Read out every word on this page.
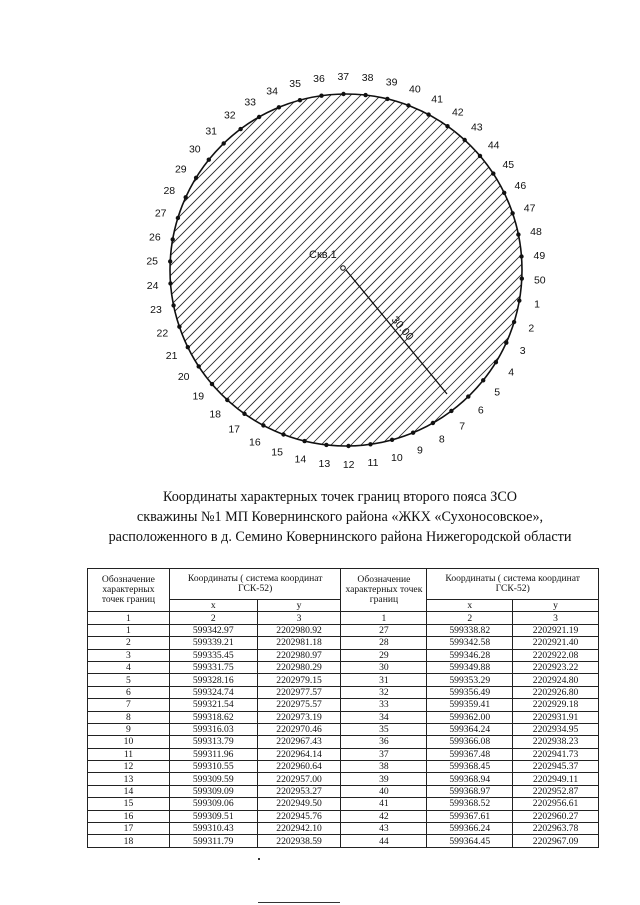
Скв.1
30.00
1
2
3
4
5
6
7
8
9
10
11
12
13
14
15
16
17
18
19
20
21
22
23
24
25
26
27
28
29
30
31
32
33
34
35 36 37 38 39
40
41
42
43
44
45
46
47
48
49
50
Координаты характерных точек границ второго пояса ЗСО
скважины №1 МП Ковернинского района «ЖКХ «Сухоносовское»,
расположенного в д. Семино Ковернинского района Нижегородской области
Обозначение характерных точек границ	Координаты ( система координат ГСК-52)		Обозначение характерных точек границ	Координаты ( система координат ГСК-52)	
	x	y		x	y
1	2	3	1	2	3
1	599342.97	2202980.92	27	599338.82	2202921.19
2	599339.21	2202981.18	28	599342.58	2202921.40
3	599335.45	2202980.97	29	599346.28	2202922.08
4	599331.75	2202980.29	30	599349.88	2202923.22
5	599328.16	2202979.15	31	599353.29	2202924.80
6	599324.74	2202977.57	32	599356.49	2202926.80
7	599321.54	2202975.57	33	599359.41	2202929.18
8	599318.62	2202973.19	34	599362.00	2202931.91
9	599316.03	2202970.46	35	599364.24	2202934.95
10	599313.79	2202967.43	36	599366.08	2202938.23
11	599311.96	2202964.14	37	599367.48	2202941.73
12	599310.55	2202960.64	38	599368.45	2202945.37
13	599309.59	2202957.00	39	599368.94	2202949.11
14	599309.09	2202953.27	40	599368.97	2202952.87
15	599309.06	2202949.50	41	599368.52	2202956.61
16	599309.51	2202945.76	42	599367.61	2202960.27
17	599310.43	2202942.10	43	599366.24	2202963.78
18	599311.79	2202938.59	44	599364.45	2202967.09
